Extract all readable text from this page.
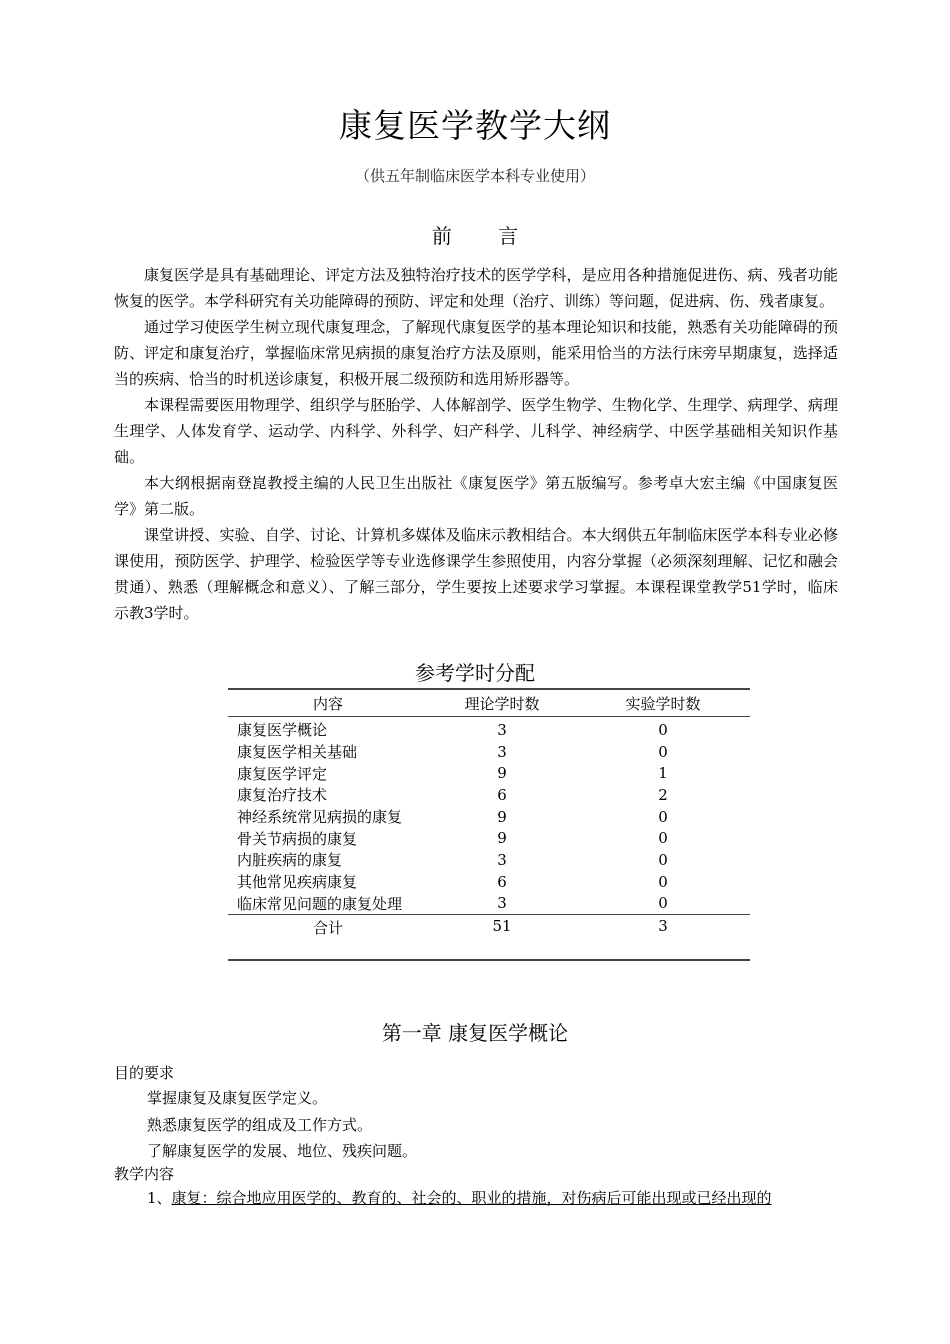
康复医学教学大纲
（供五年制临床医学本科专业使用）
前 言

康复医学是具有基础理论、评定方法及独特治疗技术的医学学科，是应用各种措施促进伤、病、残者功能恢复的医学。本学科研究有关功能障碍的预防、评定和处理（治疗、训练）等问题，促进病、伤、残者康复。

通过学习使医学生树立现代康复理念，了解现代康复医学的基本理论知识和技能，熟悉有关功能障碍的预防、评定和康复治疗，掌握临床常见病损的康复治疗方法及原则，能采用恰当的方法行床旁早期康复，选择适当的疾病、恰当的时机送诊康复，积极开展二级预防和选用矫形器等。

本课程需要医用物理学、组织学与胚胎学、人体解剖学、医学生物学、生物化学、生理学、病理学、病理生理学、人体发育学、运动学、内科学、外科学、妇产科学、儿科学、神经病学、中医学基础相关知识作基础。

本大纲根据南登崑教授主编的人民卫生出版社《康复医学》第五版编写。参考卓大宏主编《中国康复医学》第二版。

课堂讲授、实验、自学、讨论、计算机多媒体及临床示教相结合。本大纲供五年制临床医学本科专业必修课使用，预防医学、护理学、检验医学等专业选修课学生参照使用，内容分掌握（必须深刻理解、记忆和融会贯通）、熟悉（理解概念和意义）、了解三部分，学生要按上述要求学习掌握。本课程课堂教学51学时，临床示教3学时。

参考学时分配
内容	理论学时数	实验学时数
康复医学概论	3	0
康复医学相关基础	3	0
康复医学评定	9	1
康复治疗技术	6	2
神经系统常见病损的康复	9	0
骨关节病损的康复	9	0
内脏疾病的康复	3	0
其他常见疾病康复	6	0
临床常见问题的康复处理	3	0
合计	51	3
第一章 康复医学概论
目的要求
掌握康复及康复医学定义。
熟悉康复医学的组成及工作方式。
了解康复医学的发展、地位、残疾问题。
教学内容
1、康复：综合地应用医学的、教育的、社会的、职业的措施，对伤病后可能出现或已经出现的
